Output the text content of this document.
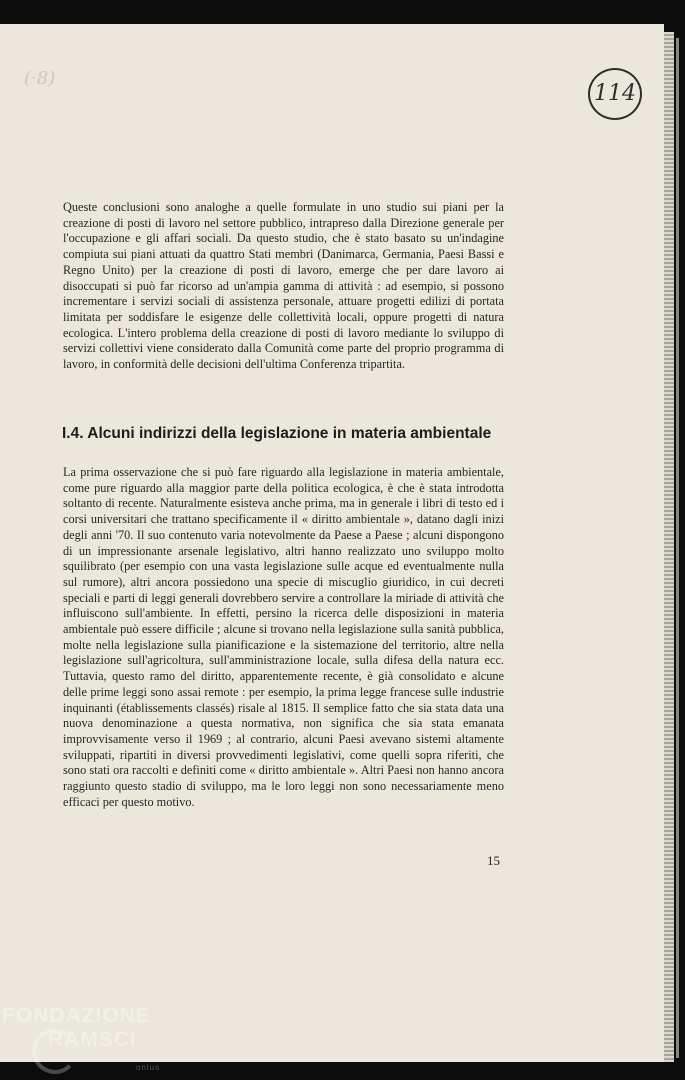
(·8)
114
Queste conclusioni sono analoghe a quelle formulate in uno studio sui piani per la creazione di posti di lavoro nel settore pubblico, intrapreso dalla Direzione generale per l'occupazione e gli affari sociali. Da questo studio, che è stato basato su un'indagine compiuta sui piani attuati da quattro Stati membri (Danimarca, Germania, Paesi Bassi e Regno Unito) per la creazione di posti di lavoro, emerge che per dare lavoro ai disoccupati si può far ricorso ad un'ampia gamma di attività : ad esempio, si possono incrementare i servizi sociali di assistenza personale, attuare progetti edilizi di portata limitata per soddisfare le esigenze delle collettività locali, oppure progetti di natura ecologica. L'intero problema della creazione di posti di lavoro mediante lo sviluppo di servizi collettivi viene considerato dalla Comunità come parte del proprio programma di lavoro, in conformità delle decisioni dell'ultima Conferenza tripartita.
I.4. Alcuni indirizzi della legislazione in materia ambientale
La prima osservazione che si può fare riguardo alla legislazione in materia ambientale, come pure riguardo alla maggior parte della politica ecologica, è che è stata introdotta soltanto di recente. Naturalmente esisteva anche prima, ma in generale i libri di testo ed i corsi universitari che trattano specificamente il « diritto ambientale », datano dagli inizi degli anni '70. Il suo contenuto varia notevolmente da Paese a Paese ; alcuni dispongono di un impressionante arsenale legislativo, altri hanno realizzato uno sviluppo molto squilibrato (per esempio con una vasta legislazione sulle acque ed eventualmente nulla sul rumore), altri ancora possiedono una specie di miscuglio giuridico, in cui decreti speciali e parti di leggi generali dovrebbero servire a controllare la miriade di attività che influiscono sull'ambiente. In effetti, persino la ricerca delle disposizioni in materia ambientale può essere difficile ; alcune si trovano nella legislazione sulla sanità pubblica, molte nella legislazione sulla pianificazione e la sistemazione del territorio, altre nella legislazione sull'agricoltura, sull'amministrazione locale, sulla difesa della natura ecc. Tuttavia, questo ramo del diritto, apparentemente recente, è già consolidato e alcune delle prime leggi sono assai remote : per esempio, la prima legge francese sulle industrie inquinanti (établissements classés) risale al 1815. Il semplice fatto che sia stata data una nuova denominazione a questa normativa, non significa che sia stata emanata improvvisamente verso il 1969 ; al contrario, alcuni Paesi avevano sistemi altamente sviluppati, ripartiti in diversi provvedimenti legislativi, come quelli sopra riferiti, che sono stati ora raccolti e definiti come « diritto ambientale ». Altri Paesi non hanno ancora raggiunto questo stadio di sviluppo, ma le loro leggi non sono necessariamente meno efficaci per questo motivo.
15
FONDAZIONE
RAMSCI
onlus
